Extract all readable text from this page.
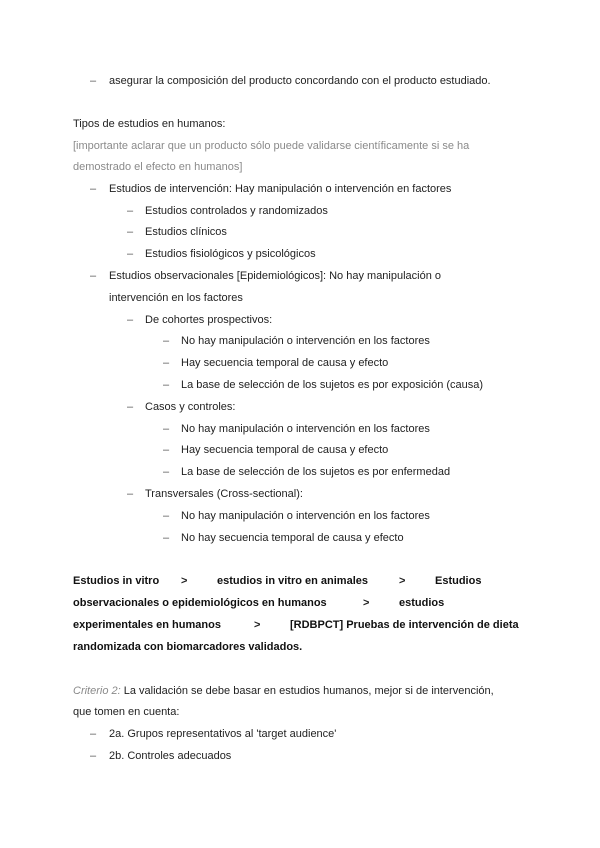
– asegurar la composición del producto concordando con el producto estudiado.
Tipos de estudios en humanos:
[importante aclarar que un producto sólo puede validarse científicamente si se ha
demostrado el efecto en humanos]
– Estudios de intervención: Hay manipulación o intervención en factores
– Estudios controlados y randomizados
– Estudios clínicos
– Estudios fisiológicos y psicológicos
– Estudios observacionales [Epidemiológicos]: No hay manipulación o
intervención en los factores
– De cohortes prospectivos:
– No hay manipulación o intervención en los factores
– Hay secuencia temporal de causa y efecto
– La base de selección de los sujetos es por exposición (causa)
– Casos y controles:
– No hay manipulación o intervención en los factores
– Hay secuencia temporal de causa y efecto
– La base de selección de los sujetos es por enfermedad
– Transversales (Cross-sectional):
– No hay manipulación o intervención en los factores
– No hay secuencia temporal de causa y efecto
Estudios in vitro >	estudios in vitro en animales	>	Estudios
observacionales o epidemiológicos en humanos	>	estudios
experimentales en humanos	>	[RDBPCT] Pruebas de intervención de dieta
randomizada con biomarcadores validados.
Criterio 2: La validación se debe basar en estudios humanos, mejor si de intervención,
que tomen en cuenta:
– 2a. Grupos representativos al 'target audience'
– 2b. Controles adecuados
